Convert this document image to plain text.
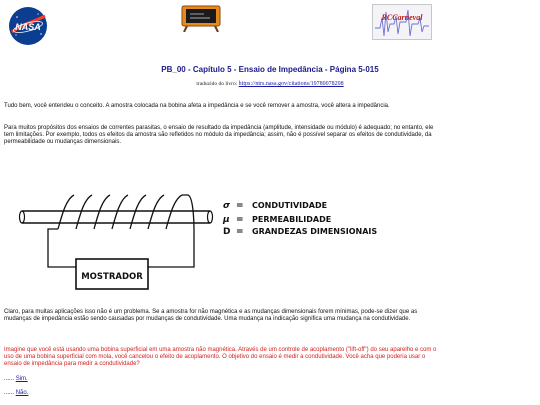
NASA
RCCarneval
PB_00 - Capítulo 5 - Ensaio de Impedância - Página 5-015
traduzido do livro: https://ntrs.nasa.gov/citations/19780078298
Tudo bem, você entendeu o conceito. A amostra colocada na bobina afeta a impedância e se você remover a amostra, você altera a impedância.
Para muitos propósitos dos ensaios de correntes parasitas, o ensaio de resultado da impedância (amplitude, intensidade ou módulo) é adequado; no entanto, ele tem limitações. Por exemplo, todos os efeitos da amostra são refletidos no módulo da impedância; assim, não é possível separar os efeitos de condutividade, da permeabilidade ou mudanças dimensionais.
MOSTRADOR
σ = CONDUTIVIDADE
μ = PERMEABILIDADE
D = GRANDEZAS DIMENSIONAIS
Claro, para muitas aplicações isso não é um problema. Se a amostra for não magnética e as mudanças dimensionais forem mínimas, pode-se dizer que as mudanças de impedância estão sendo causadas por mudanças de condutividade. Uma mudança na indicação significa uma mudança na condutividade.
Imagine que você está usando uma bobina superficial em uma amostra não magnética. Através de um controle de acoplamento ("lift-off") do seu aparelho e com o uso de uma bobina superficial com mola, você cancelou o efeito de acoplamento. O objetivo do ensaio é medir a condutividade. Você acha que poderia usar o ensaio de impedância para medir a condutividade?
...... Sim.
...... Não.
